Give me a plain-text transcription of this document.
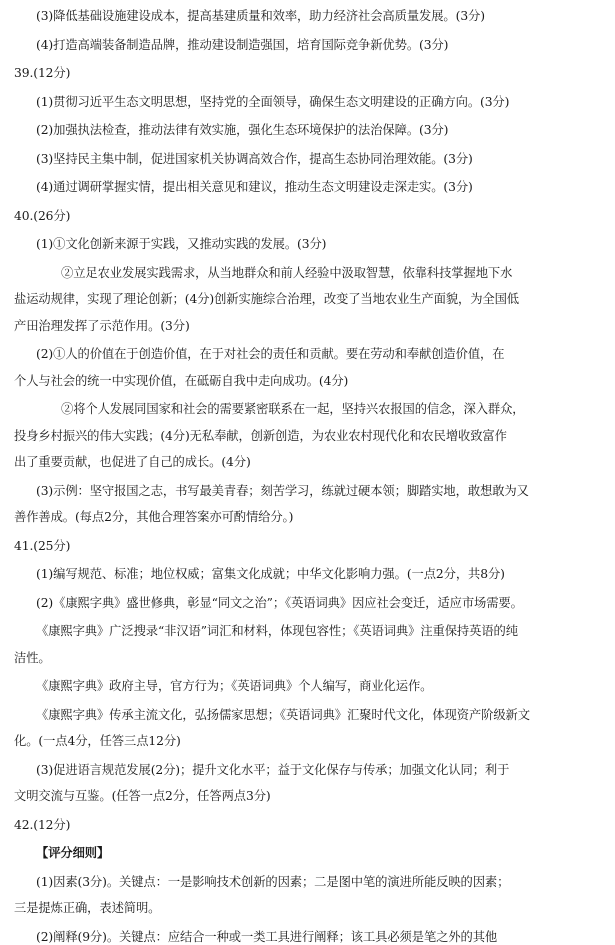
(3)降低基础设施建设成本，提高基建质量和效率，助力经济社会高质量发展。(3分)
(4)打造高端装备制造品牌，推动建设制造强国，培育国际竞争新优势。(3分)
39.(12分)
(1)贯彻习近平生态文明思想，坚持党的全面领导，确保生态文明建设的正确方向。(3分)
(2)加强执法检查，推动法律有效实施，强化生态环境保护的法治保障。(3分)
(3)坚持民主集中制，促进国家机关协调高效合作，提高生态协同治理效能。(3分)
(4)通过调研掌握实情，提出相关意见和建议，推动生态文明建设走深走实。(3分)
40.(26分)
(1)①文化创新来源于实践，又推动实践的发展。(3分)
②立足农业发展实践需求，从当地群众和前人经验中汲取智慧，依靠科技掌握地下水
盐运动规律，实现了理论创新；(4分)创新实施综合治理，改变了当地农业生产面貌，为全国低
产田治理发挥了示范作用。(3分)
(2)①人的价值在于创造价值，在于对社会的责任和贡献。要在劳动和奉献创造价值，在
个人与社会的统一中实现价值，在砥砺自我中走向成功。(4分)
②将个人发展同国家和社会的需要紧密联系在一起，坚持兴农报国的信念，深入群众，
投身乡村振兴的伟大实践；(4分)无私奉献，创新创造，为农业农村现代化和农民增收致富作
出了重要贡献，也促进了自己的成长。(4分)
(3)示例：坚守报国之志，书写最美青春；刻苦学习，练就过硬本领；脚踏实地，敢想敢为又
善作善成。(每点2分，其他合理答案亦可酌情给分。)
41.(25分)
(1)编写规范、标准；地位权威；富集文化成就；中华文化影响力强。(一点2分，共8分)
(2)《康熙字典》盛世修典，彰显“同文之治”；《英语词典》因应社会变迁，适应市场需要。
《康熙字典》广泛搜录“非汉语”词汇和材料，体现包容性；《英语词典》注重保持英语的纯
洁性。
《康熙字典》政府主导，官方行为；《英语词典》个人编写，商业化运作。
《康熙字典》传承主流文化，弘扬儒家思想；《英语词典》汇聚时代文化，体现资产阶级新文
化。(一点4分，任答三点12分)
(3)促进语言规范发展(2分)；提升文化水平；益于文化保存与传承；加强文化认同；利于
文明交流与互鉴。(任答一点2分，任答两点3分)
42.(12分)
【评分细则】
(1)因素(3分)。关键点：一是影响技术创新的因素；二是图中笔的演进所能反映的因素；
三是提炼正确，表述简明。
(2)阐释(9分)。关键点：应结合一种或一类工具进行阐释；该工具必须是笔之外的其他
